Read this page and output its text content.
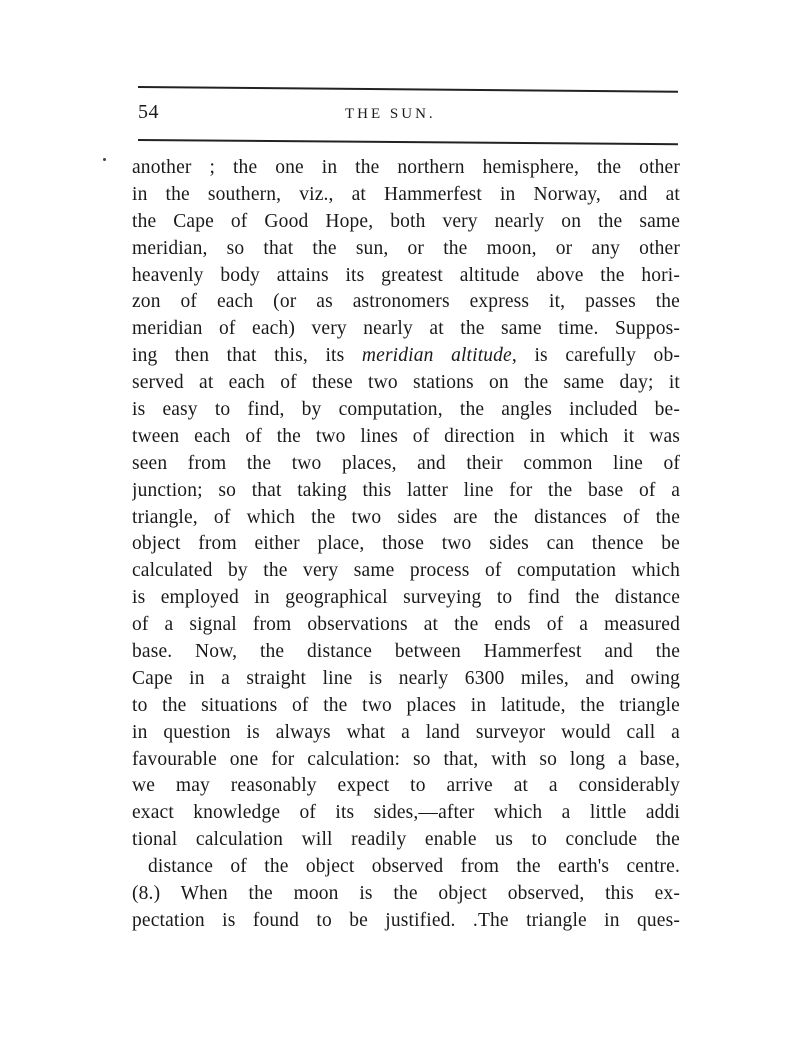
54	THE SUN.
another ; the one in the northern hemisphere, the other
in the southern, viz., at Hammerfest in Norway, and at
the Cape of Good Hope, both very nearly on the same
meridian, so that the sun, or the moon, or any other
heavenly body attains its greatest altitude above the hori-
zon of each (or as astronomers express it, passes the
meridian of each) very nearly at the same time. Suppos-
ing then that this, its meridian altitude, is carefully ob-
served at each of these two stations on the same day; it
is easy to find, by computation, the angles included be-
tween each of the two lines of direction in which it was
seen from the two places, and their common line of
junction; so that taking this latter line for the base of a
triangle, of which the two sides are the distances of the
object from either place, those two sides can thence be
calculated by the very same process of computation which
is employed in geographical surveying to find the distance
of a signal from observations at the ends of a measured
base. Now, the distance between Hammerfest and the
Cape in a straight line is nearly 6300 miles, and owing
to the situations of the two places in latitude, the triangle
in question is always what a land surveyor would call a
favourable one for calculation: so that, with so long a base,
we may reasonably expect to arrive at a considerably
exact knowledge of its sides,—after which a little addi
tional calculation will readily enable us to conclude the
distance of the object observed from the earth's centre.
(8.) When the moon is the object observed, this ex-
pectation is found to be justified. .The triangle in ques-
